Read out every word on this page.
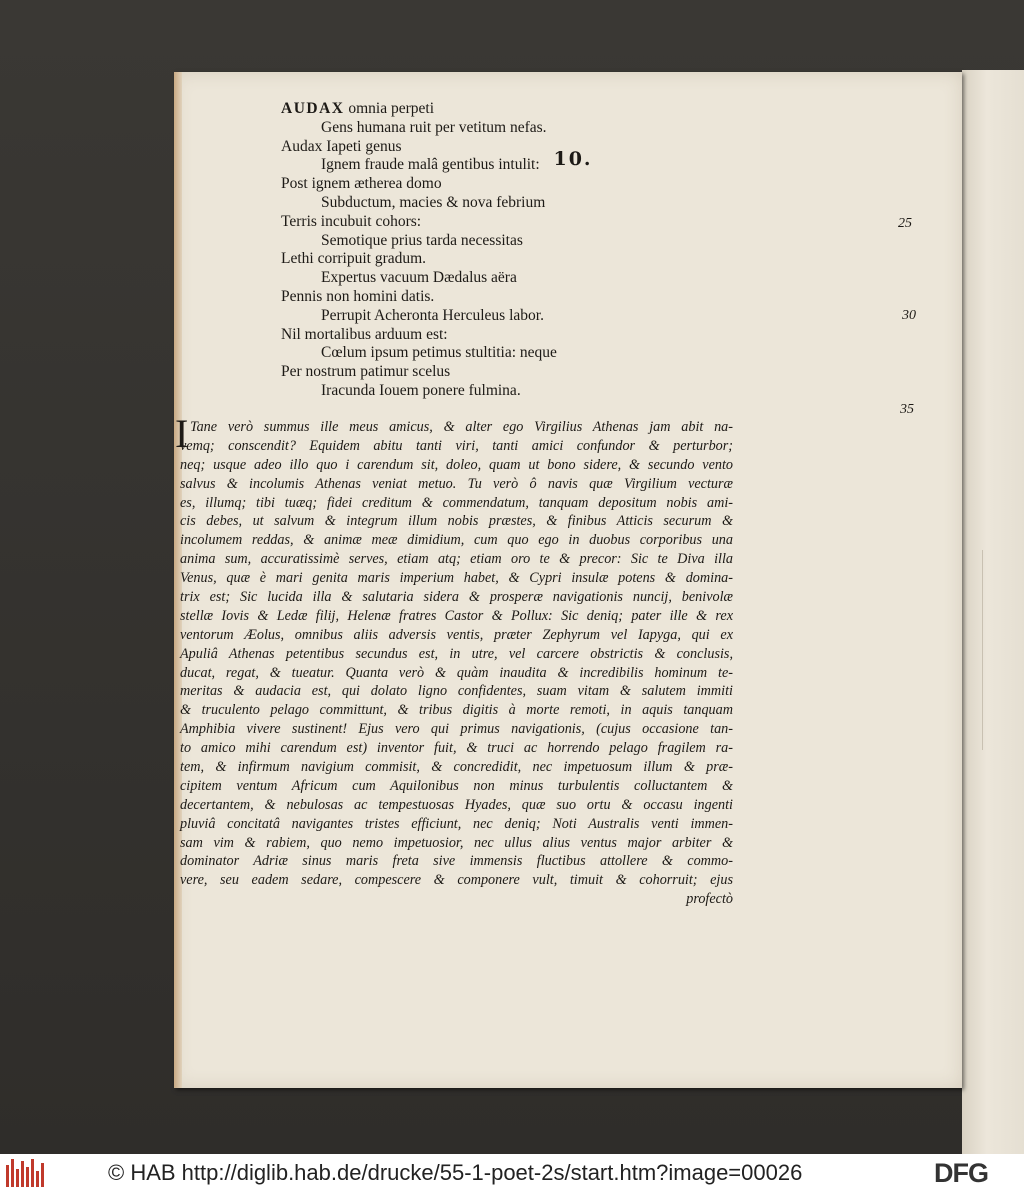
10.
AUDAX omnia perpeti
Gens humana ruit per vetitum nefas.
Audax Iapeti genus
Ignem fraude malâ gentibus intulit:
Post ignem ætherea domo
Subductum, macies & nova febrium
Terris incubuit cohors:
Semotique prius tarda necessitas
Lethi corripuit gradum.
Expertus vacuum Dædalus aëra
Pennis non homini datis.
Perrupit Acheronta Herculeus labor.
Nil mortalibus arduum est:
Cœlum ipsum petimus stultitia: neque
Per nostrum patimur scelus
Iracunda Iouem ponere fulmina.
25
30
35
I Tane verò summus ille meus amicus, & alter ego Virgilius Athenas jam abit na-
vemq; conscendit? Equidem abitu tanti viri, tanti amici confundor & perturbor;
neq; usque adeo illo quo i carendum sit, doleo, quam ut bono sidere, & secundo vento
salvus & incolumis Athenas veniat metuo. Tu verò ô navis quæ Virgilium vecturæ
es, illumq; tibi tuæq; fidei creditum & commendatum, tanquam depositum nobis ami-
cis debes, ut salvum & integrum illum nobis præstes, & finibus Atticis securum &
incolumem reddas, & animæ meæ dimidium, cum quo ego in duobus corporibus una
anima sum, accuratissimè serves, etiam atq; etiam oro te & precor: Sic te Diva illa
Venus, quæ è mari genita maris imperium habet, & Cypri insulæ potens & domina-
trix est; Sic lucida illa & salutaria sidera & prosperæ navigationis nuncij, benivolæ
stellæ Iovis & Ledæ filij, Helenæ fratres Castor & Pollux: Sic deniq; pater ille & rex
ventorum Æolus, omnibus aliis adversis ventis, præter Zephyrum vel Iapyga, qui ex
Apuliâ Athenas petentibus secundus est, in utre, vel carcere obstrictis & conclusis,
ducat, regat, & tueatur. Quanta verò & quàm inaudita & incredibilis hominum te-
meritas & audacia est, qui dolato ligno confidentes, suam vitam & salutem immiti
& truculento pelago committunt, & tribus digitis à morte remoti, in aquis tanquam
Amphibia vivere sustinent! Ejus vero qui primus navigationis, (cujus occasione tan-
to amico mihi carendum est) inventor fuit, & truci ac horrendo pelago fragilem ra-
tem, & infirmum navigium commisit, & concredidit, nec impetuosum illum & præ-
cipitem ventum Africum cum Aquilonibus non minus turbulentis colluctantem &
decertantem, & nebulosas ac tempestuosas Hyades, quæ suo ortu & occasu ingenti
pluviâ concitatâ navigantes tristes efficiunt, nec deniq; Noti Australis venti immen-
sam vim & rabiem, quo nemo impetuosior, nec ullus alius ventus major arbiter &
dominator Adriæ sinus maris freta sive immensis fluctibus attollere & commo-
vere, seu eadem sedare, compescere & componere vult, timuit & cohorruit; ejus
profectò
© HAB http://diglib.hab.de/drucke/55-1-poet-2s/start.htm?image=00026	DFG
